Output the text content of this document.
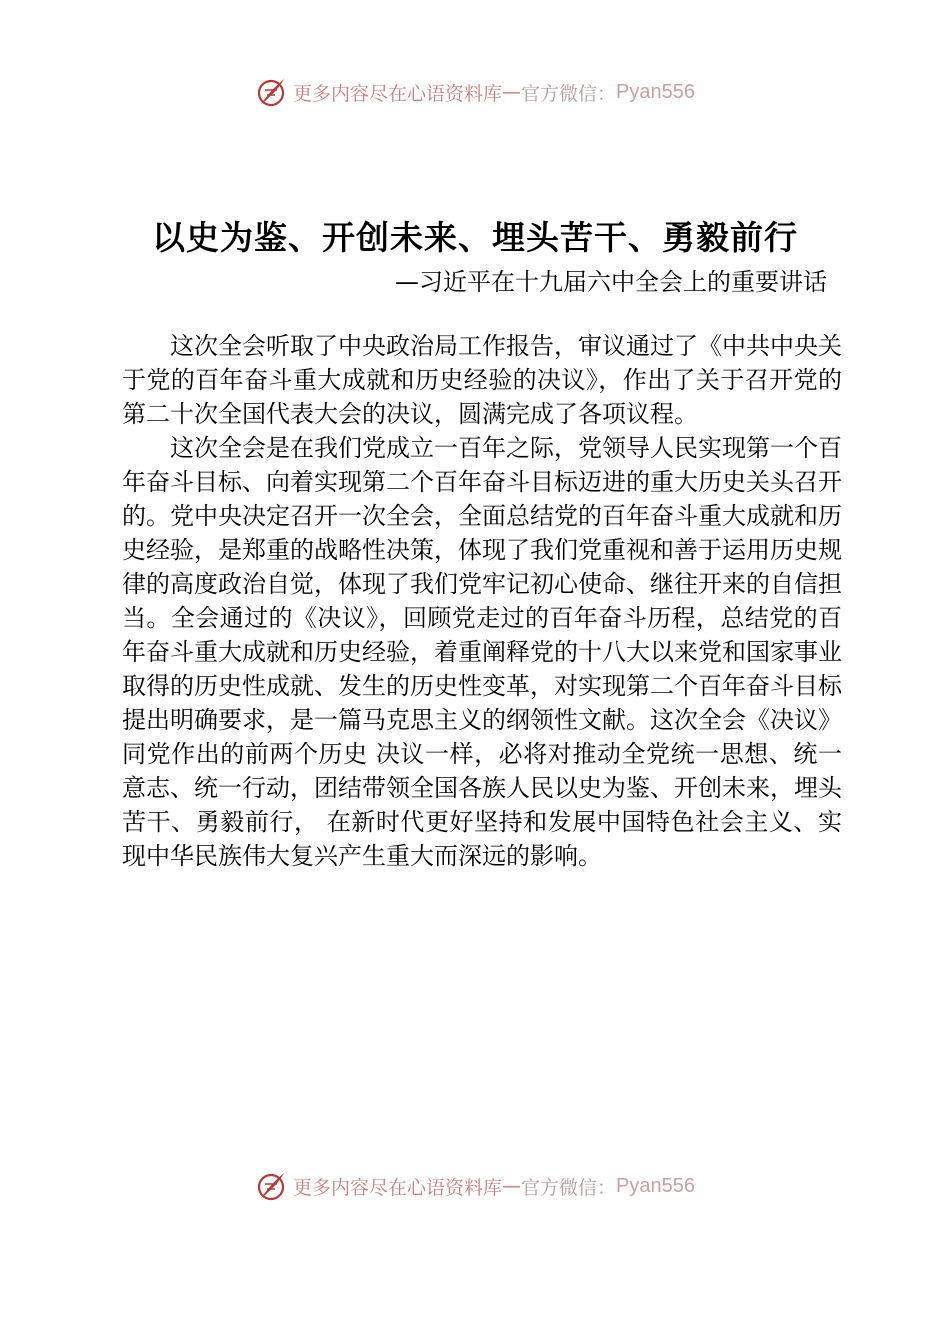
更多内容尽在心语资料库 — 官方微信： Pyan556
以史为鉴、开创未来、埋头苦干、勇毅前行
—习近平在十九届六中全会上的重要讲话

这次全会听取了中央政治局工作报告，审议通过了《中共中央关于党的百年奋斗重大成就和历史经验的决议》，作出了关于召开党的第二十次全国代表大会的决议，圆满完成了各项议程。

这次全会是在我们党成立一百年之际，党领导人民实现第一个百年奋斗目标、向着实现第二个百年奋斗目标迈进的重大历史关头召开的。党中央决定召开一次全会，全面总结党的百年奋斗重大成就和历史经验，是郑重的战略性决策，体现了我们党重视和善于运用历史规律的高度政治自觉，体现了我们党牢记初心使命、继往开来的自信担当。全会通过的《决议》，回顾党走过的百年奋斗历程，总结党的百年奋斗重大成就和历史经验，着重阐释党的十八大以来党和国家事业取得的历史性成就、发生的历史性变革，对实现第二个百年奋斗目标提出明确要求，是一篇马克思主义的纲领性文献。这次全会《决议》同党作出的前两个历史 决议一样，必将对推动全党统一思想、统一意志、统一行动，团结带领全国各族人民以史为鉴、开创未来，埋头苦干、勇毅前行， 在新时代更好坚持和发展中国特色社会主义、实现中华民族伟大复兴产生重大而深远的影响。

更多内容尽在心语资料库 — 官方微信： Pyan556
